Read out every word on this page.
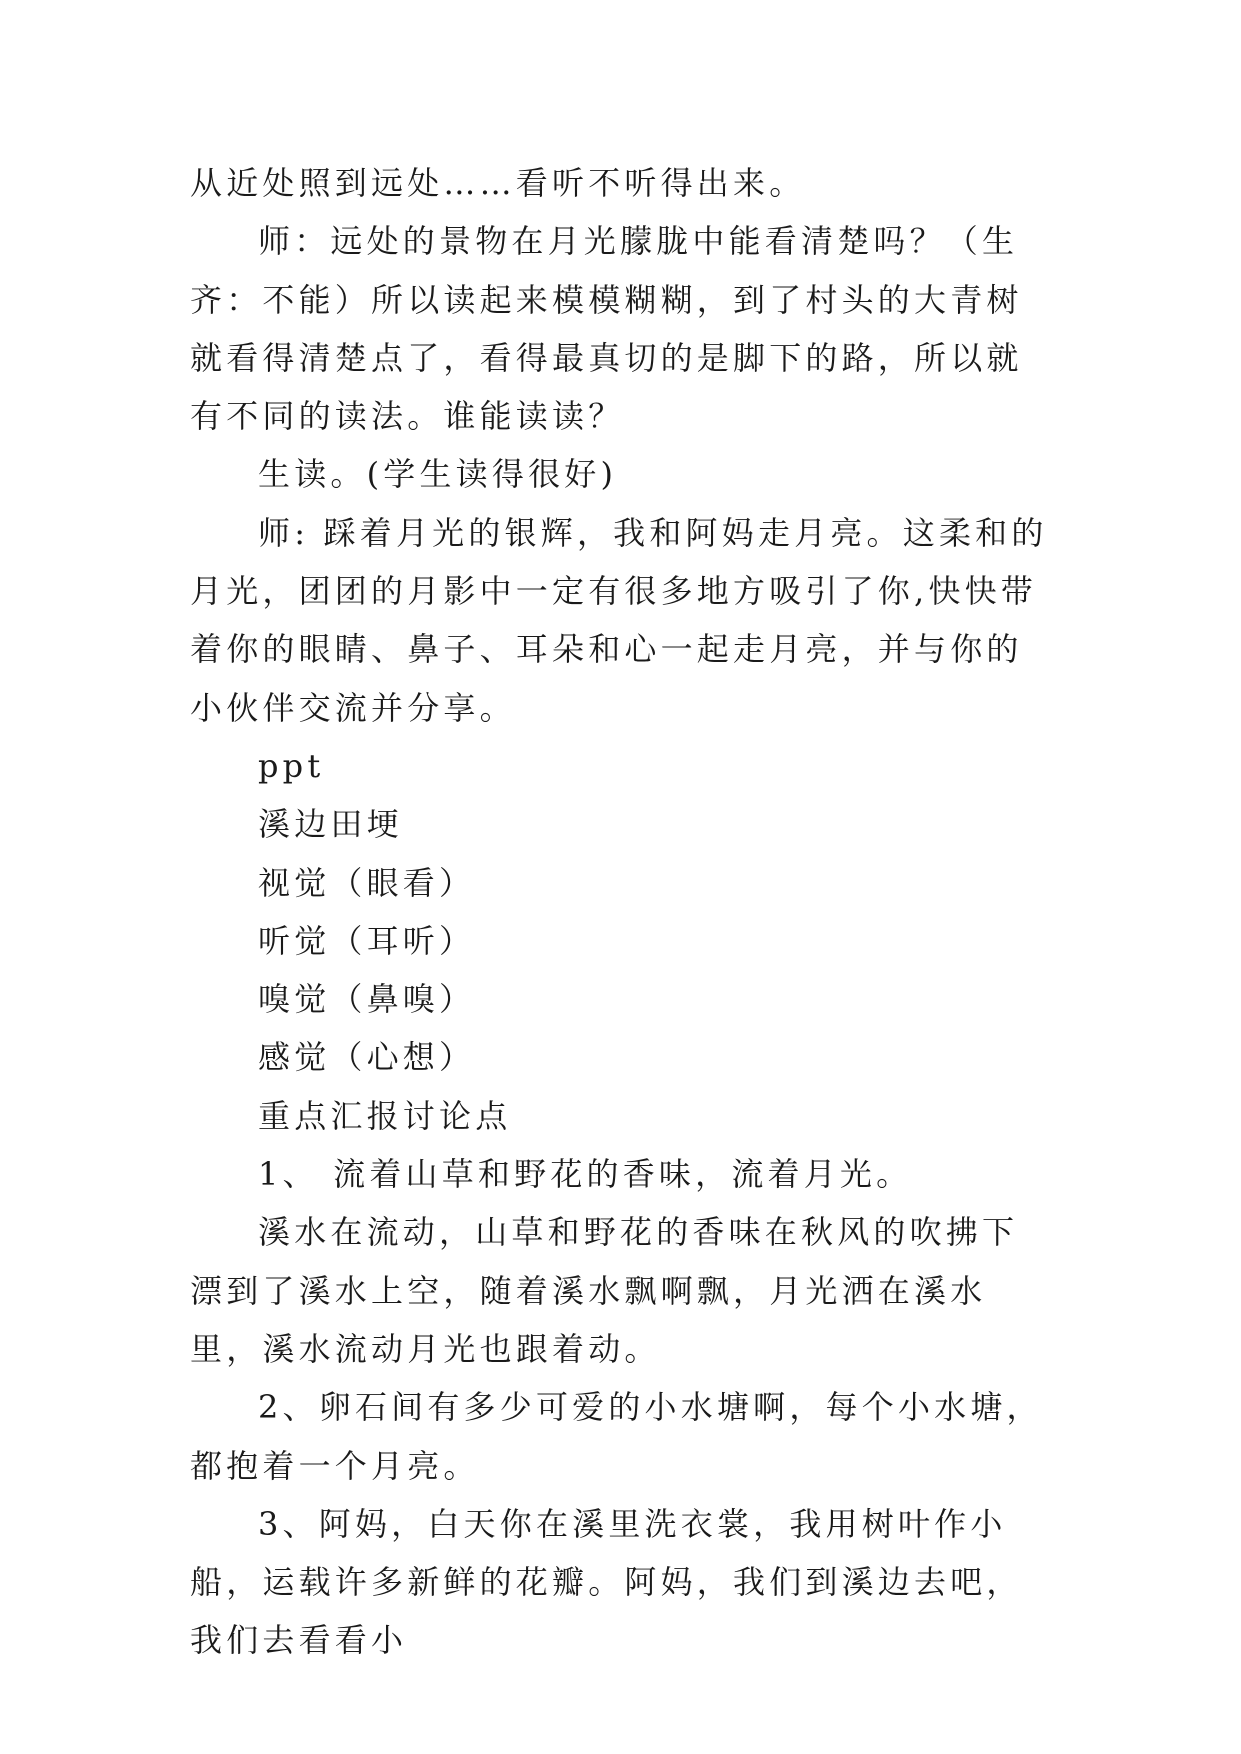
从近处照到远处……看听不听得出来。

师：远处的景物在月光朦胧中能看清楚吗？（生齐：不能）所以读起来模模糊糊，到了村头的大青树就看得清楚点了，看得最真切的是脚下的路，所以就有不同的读法。谁能读读？

生读。(学生读得很好)

师: 踩着月光的银辉，我和阿妈走月亮。这柔和的月光，团团的月影中一定有很多地方吸引了你,快快带着你的眼睛、鼻子、耳朵和心一起走月亮，并与你的小伙伴交流并分享。

ppt

溪边田埂

视觉（眼看）

听觉（耳听）

嗅觉（鼻嗅）

感觉（心想）

重点汇报讨论点

1、 流着山草和野花的香味，流着月光。

溪水在流动，山草和野花的香味在秋风的吹拂下漂到了溪水上空，随着溪水飘啊飘，月光洒在溪水里，溪水流动月光也跟着动。

2、卵石间有多少可爱的小水塘啊，每个小水塘，都抱着一个月亮。

3、阿妈，白天你在溪里洗衣裳，我用树叶作小船，运载许多新鲜的花瓣。阿妈，我们到溪边去吧，我们去看看小
